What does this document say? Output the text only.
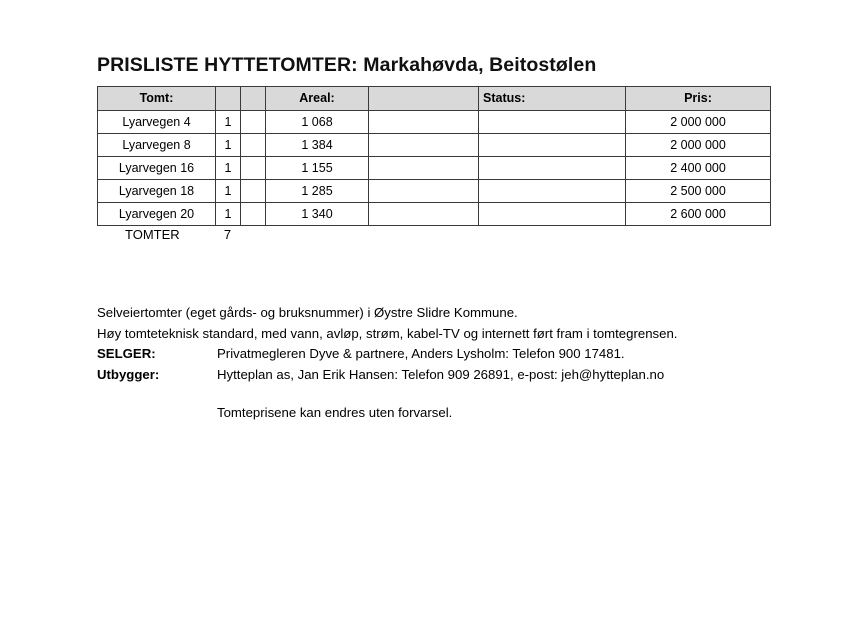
PRISLISTE HYTTETOMTER: Markahøvda, Beitostølen
Tomt:			Areal:		Status:	Pris:
Lyarvegen 4	1		1 068			2 000 000
Lyarvegen 8	1		1 384			2 000 000
Lyarvegen 16	1		1 155			2 400 000
Lyarvegen 18	1		1 285			2 500 000
Lyarvegen 20	1		1 340			2 600 000
TOMTER	7
Selveiertomter (eget gårds- og bruksnummer) i Øystre Slidre Kommune.
Høy tomteteknisk standard, med vann, avløp, strøm, kabel-TV og internett ført fram i tomtegrensen.
SELGER:	Privatmegleren Dyve & partnere, Anders Lysholm: Telefon 900 17481.
Utbygger:	Hytteplan as, Jan Erik Hansen: Telefon 909 26891, e-post: jeh@hytteplan.no
Tomteprisene kan endres uten forvarsel.
